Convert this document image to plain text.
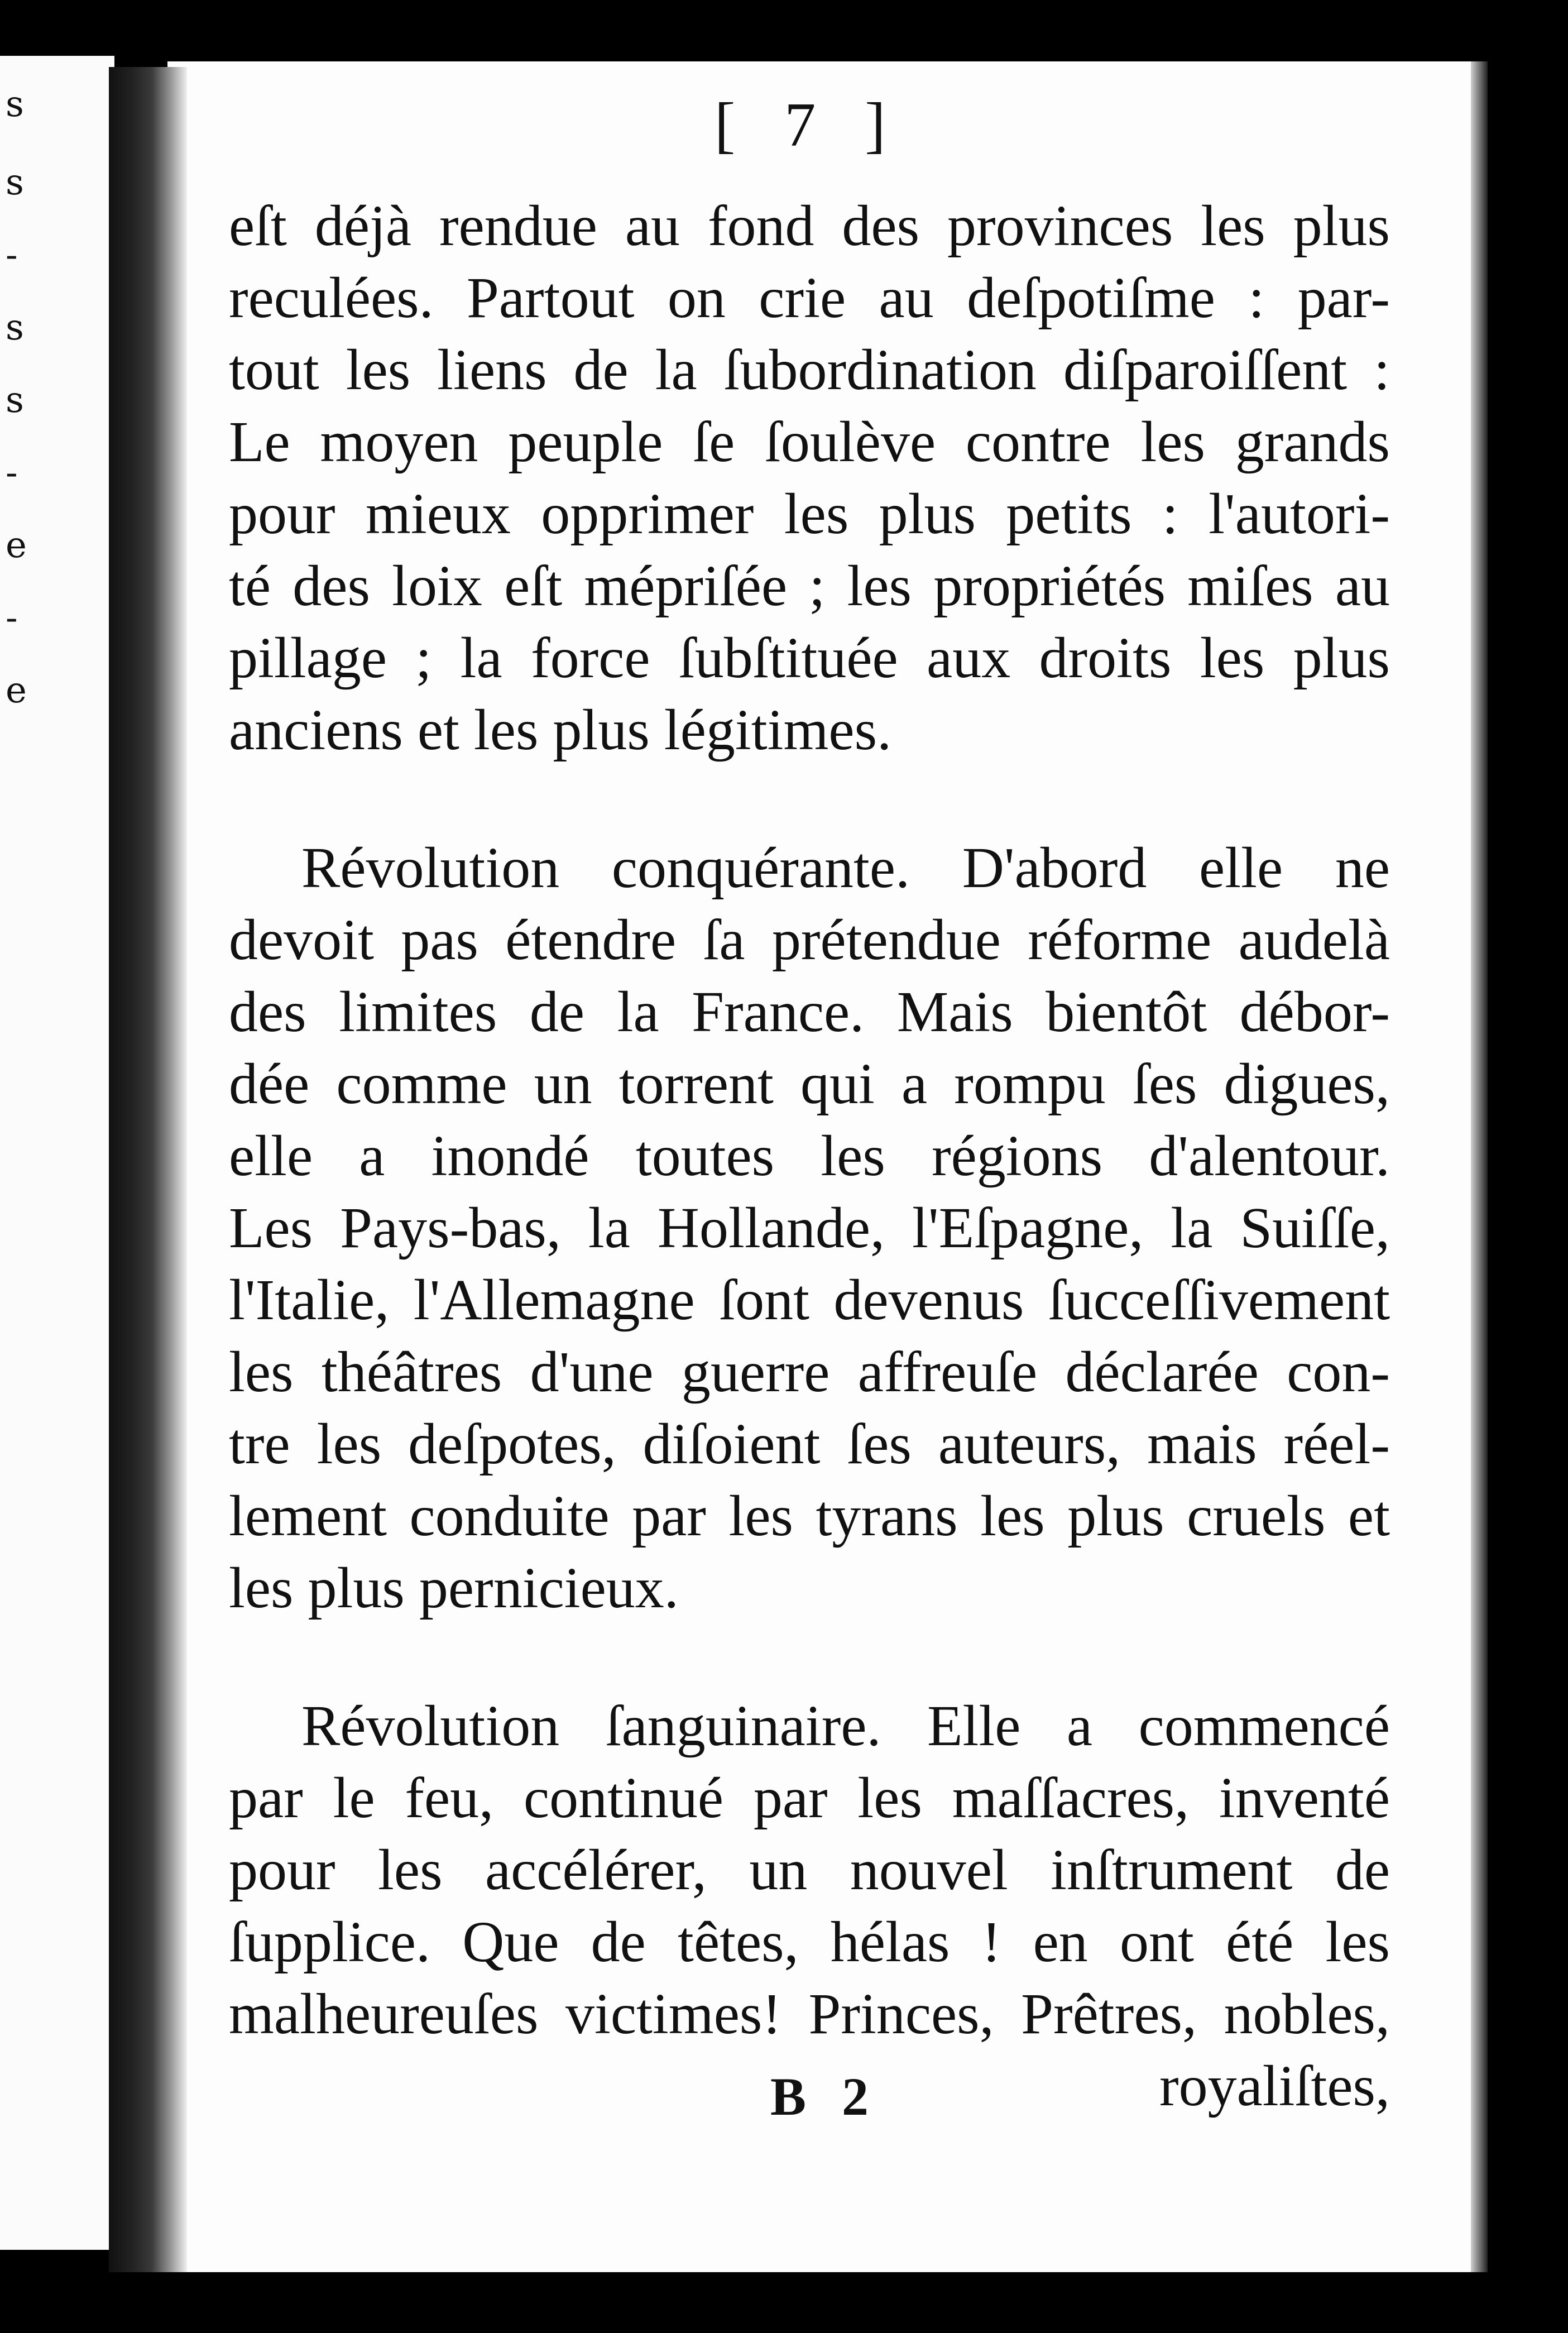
s
s
-
s
s
-
e
-
e
[ 7 ]

eſt déjà rendue au fond des provinces les plus
reculées. Partout on crie au deſpotiſme : par-
tout les liens de la ſubordination diſparoiſſent :
Le moyen peuple ſe ſoulève contre les grands
pour mieux opprimer les plus petits : l'autori-
té des loix eſt mépriſée ; les propriétés miſes au
pillage ; la force ſubſtituée aux droits les plus
anciens et les plus légitimes.

Révolution conquérante. D'abord elle ne
devoit pas étendre ſa prétendue réforme audelà
des limites de la France. Mais bientôt débor-
dée comme un torrent qui a rompu ſes digues,
elle a inondé toutes les régions d'alentour.
Les Pays-bas, la Hollande, l'Eſpagne, la Suiſſe,
l'Italie, l'Allemagne ſont devenus ſucceſſivement
les théâtres d'une guerre affreuſe déclarée con-
tre les deſpotes, diſoient ſes auteurs, mais réel-
lement conduite par les tyrans les plus cruels et
les plus pernicieux.

Révolution ſanguinaire. Elle a commencé
par le feu, continué par les maſſacres, inventé
pour les accélérer, un nouvel inſtrument de
ſupplice. Que de têtes, hélas ! en ont été les
malheureuſes victimes! Princes, Prêtres, nobles,

royaliſtes,
B 2
